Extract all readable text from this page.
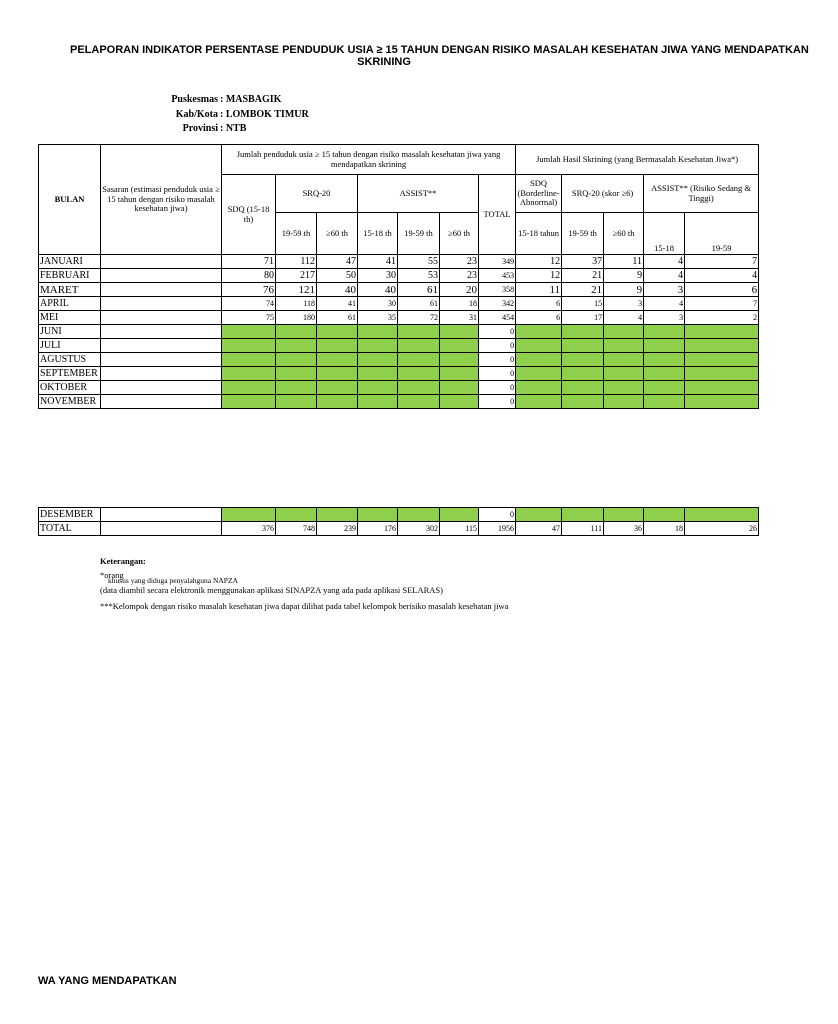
PELAPORAN INDIKATOR PERSENTASE PENDUDUK USIA ≥ 15 TAHUN DENGAN RISIKO MASALAH KESEHATAN JIWA YANG MENDAPATKAN
SKRINING
Puskesmas : MASBAGIK
Kab/Kota : LOMBOK TIMUR
Provinsi : NTB
BULAN	Sasaran (estimasi penduduk usia ≥ 15 tahun dengan risiko masalah kesehatan jiwa)	Jumlah penduduk usia ≥ 15 tahun dengan risiko masalah kesehatan jiwa yang mendapatkan skrining							Jumlah Hasil Skrining (yang Bermasalah Kesehatan Jiwa*)					
		SDQ (15-18 th)	SRQ-20		ASSIST**			TOTAL	SDQ (Borderline- Abnormal)	SRQ-20 (skor ≥6)		ASSIST** (Risiko Sedang & Tinggi)		
			19-59 th	≥60 th	15-18 th	19-59 th	≥60 th		15-18 tahun	19-59 th	≥60 th	15-18	19-59	
JANUARI		71	112	47	41	55	23	349	12	37	11	4	7	
FEBRUARI		80	217	50	30	53	23	453	12	21	9	4	4	
MARET		76	121	40	40	61	20	358	11	21	9	3	6	
APRIL		74	118	41	30	61	18	342	6	15	3	4	7	
MEI		75	180	61	35	72	31	454	6	17	4	3	2	
JUNI								0						
JULI								0						
AGUSTUS								0						
SEPTEMBER								0						
OKTOBER								0						
NOVEMBER								0						
DESEMBER								0						
TOTAL		376	748	239	176	302	115	1956	47	111	36	18	26	
Keterangan:
*orang
khusus yang diduga penyalahguna NAPZA
(data diambil secara elektronik menggunakan aplikasi SINAPZA yang ada pada aplikasi SELARAS)
***Kelompok dengan risiko masalah kesehatan jiwa dapat dilihat pada tabel kelompok berisiko masalah kesehatan jiwa
WA YANG MENDAPATKAN
